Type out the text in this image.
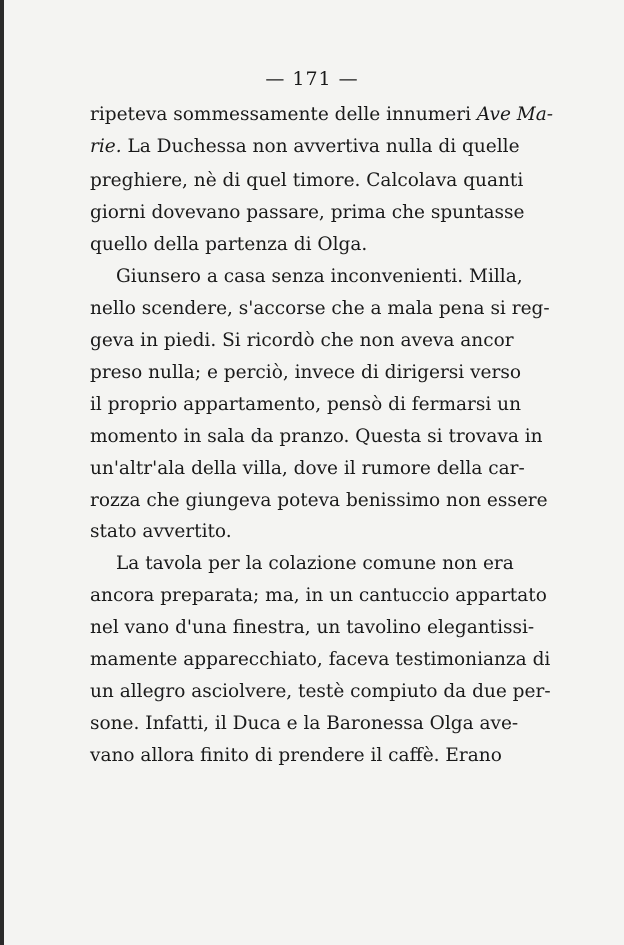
— 171 —
ripeteva sommessamente delle innumeri Ave Ma-
rie. La Duchessa non avvertiva nulla di quelle
preghiere, nè di quel timore. Calcolava quanti
giorni dovevano passare, prima che spuntasse
quello della partenza di Olga.
Giunsero a casa senza inconvenienti. Milla,
nello scendere, s'accorse che a mala pena si reg-
geva in piedi. Si ricordò che non aveva ancor
preso nulla; e perciò, invece di dirigersi verso
il proprio appartamento, pensò di fermarsi un
momento in sala da pranzo. Questa si trovava in
un'altr'ala della villa, dove il rumore della car-
rozza che giungeva poteva benissimo non essere
stato avvertito.
La tavola per la colazione comune non era
ancora preparata; ma, in un cantuccio appartato
nel vano d'una finestra, un tavolino elegantissi-
mamente apparecchiato, faceva testimonianza di
un allegro asciolvere, testè compiuto da due per-
sone. Infatti, il Duca e la Baronessa Olga ave-
vano allora finito di prendere il caffè. Erano
